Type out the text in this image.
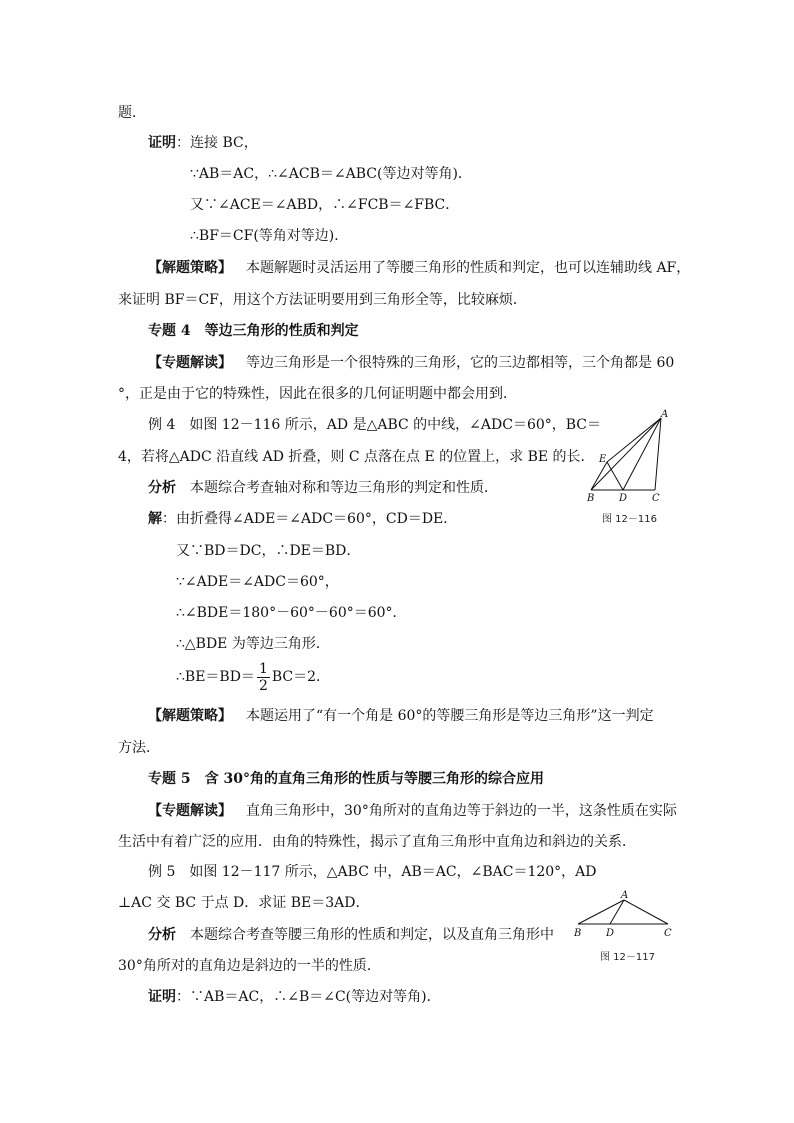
题．
证明：连接 BC，
∵AB＝AC，∴∠ACB＝∠ABC(等边对等角)．
又∵∠ACE＝∠ABD，∴∠FCB＝∠FBC．
∴BF＝CF(等角对等边)．
【解题策略】 本题解题时灵活运用了等腰三角形的性质和判定，也可以连辅助线 AF，
来证明 BF＝CF，用这个方法证明要用到三角形全等，比较麻烦．
专题 4　等边三角形的性质和判定
【专题解读】 等边三角形是一个很特殊的三角形，它的三边都相等，三个角都是 60
°，正是由于它的特殊性，因此在很多的几何证明题中都会用到．
例 4　如图 12－116 所示，AD 是△ABC 的中线，∠ADC＝60°，BC＝
4，若将△ADC 沿直线 AD 折叠，则 C 点落在点 E 的位置上，求 BE 的长．
分析 本题综合考查轴对称和等边三角形的判定和性质．
解：由折叠得∠ADE＝∠ADC＝60°，CD＝DE．
又∵BD＝DC，∴DE＝BD．
∵∠ADE＝∠ADC＝60°，
∴∠BDE＝180°－60°－60°＝60°．
∴△BDE 为等边三角形．
∴BE＝BD＝ $\frac{1}{2} BC=2$．
【解题策略】 本题运用了“有一个角是 60°的等腰三角形是等边三角形”这一判定
方法．
专题 5　含 30°角的直角三角形的性质与等腰三角形的综合应用
【专题解读】 直角三角形中，30°角所对的直角边等于斜边的一半，这条性质在实际
生活中有着广泛的应用．由角的特殊性，揭示了直角三角形中直角边和斜边的关系．
例 5　如图 12－117 所示，△ABC 中，AB＝AC，∠BAC＝120°，AD
⊥AC 交 BC 于点 D．求证 BE＝3AD．
分析 本题综合考查等腰三角形的性质和判定，以及直角三角形中
30°角所对的直角边是斜边的一半的性质．
证明：∵AB＝AC，∴∠B＝∠C(等边对等角)．
A
E
B D C
图 12－116
A
B D	C
图 12－117
